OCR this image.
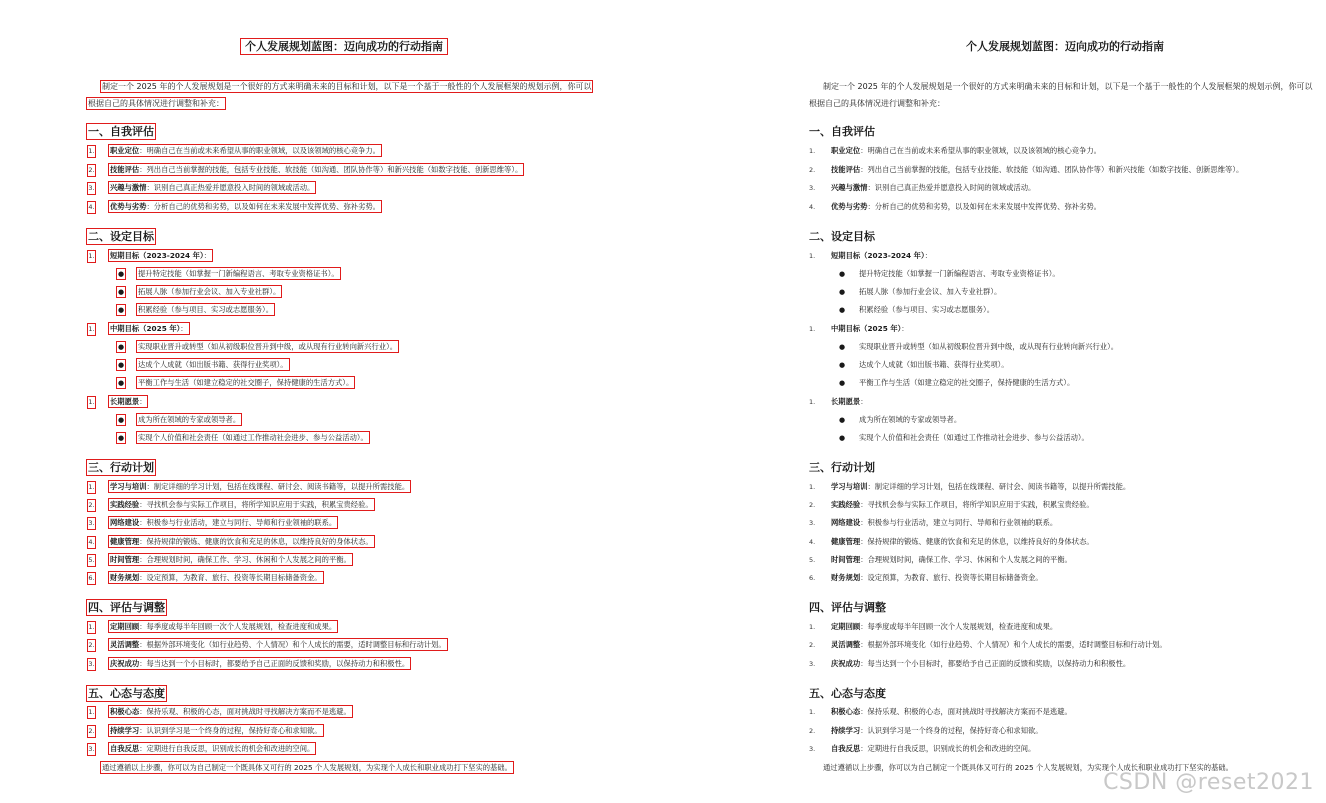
个人发展规划蓝图：迈向成功的行动指南
制定一个 2025 年的个人发展规划是一个很好的方式来明确未来的目标和计划，以下是一个基于一般性的个人发展框架的规划示例，你可以根据自己的具体情况进行调整和补充：
一、自我评估
1. 职业定位：明确自己在当前或未来希望从事的职业领域，以及该领域的核心竞争力。
2. 技能评估：列出自己当前掌握的技能，包括专业技能、软技能（如沟通、团队协作等）和新兴技能（如数字技能、创新思维等）。
3. 兴趣与激情：识别自己真正热爱并愿意投入时间的领域或活动。
4. 优势与劣势：分析自己的优势和劣势，以及如何在未来发展中发挥优势、弥补劣势。
二、设定目标
1. 短期目标（2023-2024 年）：
● 提升特定技能（如掌握一门新编程语言、考取专业资格证书）。
● 拓展人脉（参加行业会议、加入专业社群）。
● 积累经验（参与项目、实习或志愿服务）。
1. 中期目标（2025 年）：
● 实现职业晋升或转型（如从初级职位晋升到中级，或从现有行业转向新兴行业）。
● 达成个人成就（如出版书籍、获得行业奖项）。
● 平衡工作与生活（如建立稳定的社交圈子，保持健康的生活方式）。
1. 长期愿景：
● 成为所在领域的专家或领导者。
● 实现个人价值和社会责任（如通过工作推动社会进步、参与公益活动）。
三、行动计划
1. 学习与培训：制定详细的学习计划，包括在线课程、研讨会、阅读书籍等，以提升所需技能。
2. 实践经验：寻找机会参与实际工作项目，将所学知识应用于实践，积累宝贵经验。
3. 网络建设：积极参与行业活动，建立与同行、导师和行业领袖的联系。
4. 健康管理：保持规律的锻炼、健康的饮食和充足的休息，以维持良好的身体状态。
5. 时间管理：合理规划时间，确保工作、学习、休闲和个人发展之间的平衡。
6. 财务规划：设定预算，为教育、旅行、投资等长期目标储备资金。
四、评估与调整
1. 定期回顾：每季度或每半年回顾一次个人发展规划，检查进度和成果。
2. 灵活调整：根据外部环境变化（如行业趋势、个人情况）和个人成长的需要，适时调整目标和行动计划。
3. 庆祝成功：每当达到一个小目标时，都要给予自己正面的反馈和奖励，以保持动力和积极性。
五、心态与态度
1. 积极心态：保持乐观、积极的心态，面对挑战时寻找解决方案而不是逃避。
2. 持续学习：认识到学习是一个终身的过程，保持好奇心和求知欲。
3. 自我反思：定期进行自我反思，识别成长的机会和改进的空间。
通过遵循以上步骤，你可以为自己制定一个既具体又可行的 2025 个人发展规划，为实现个人成长和职业成功打下坚实的基础。
个人发展规划蓝图：迈向成功的行动指南
制定一个 2025 年的个人发展规划是一个很好的方式来明确未来的目标和计划，以下是一个基于一般性的个人发展框架的规划示例，你可以根据自己的具体情况进行调整和补充：
一、自我评估
1. 职业定位：明确自己在当前或未来希望从事的职业领域，以及该领域的核心竞争力。
2. 技能评估：列出自己当前掌握的技能，包括专业技能、软技能（如沟通、团队协作等）和新兴技能（如数字技能、创新思维等）。
3. 兴趣与激情：识别自己真正热爱并愿意投入时间的领域或活动。
4. 优势与劣势：分析自己的优势和劣势，以及如何在未来发展中发挥优势、弥补劣势。
二、设定目标
1. 短期目标（2023-2024 年）：
● 提升特定技能（如掌握一门新编程语言、考取专业资格证书）。
● 拓展人脉（参加行业会议、加入专业社群）。
● 积累经验（参与项目、实习或志愿服务）。
1. 中期目标（2025 年）：
● 实现职业晋升或转型（如从初级职位晋升到中级，或从现有行业转向新兴行业）。
● 达成个人成就（如出版书籍、获得行业奖项）。
● 平衡工作与生活（如建立稳定的社交圈子，保持健康的生活方式）。
1. 长期愿景：
● 成为所在领域的专家或领导者。
● 实现个人价值和社会责任（如通过工作推动社会进步、参与公益活动）。
三、行动计划
1. 学习与培训：制定详细的学习计划，包括在线课程、研讨会、阅读书籍等，以提升所需技能。
2. 实践经验：寻找机会参与实际工作项目，将所学知识应用于实践，积累宝贵经验。
3. 网络建设：积极参与行业活动，建立与同行、导师和行业领袖的联系。
4. 健康管理：保持规律的锻炼、健康的饮食和充足的休息，以维持良好的身体状态。
5. 时间管理：合理规划时间，确保工作、学习、休闲和个人发展之间的平衡。
6. 财务规划：设定预算，为教育、旅行、投资等长期目标储备资金。
四、评估与调整
1. 定期回顾：每季度或每半年回顾一次个人发展规划，检查进度和成果。
2. 灵活调整：根据外部环境变化（如行业趋势、个人情况）和个人成长的需要，适时调整目标和行动计划。
3. 庆祝成功：每当达到一个小目标时，都要给予自己正面的反馈和奖励，以保持动力和积极性。
五、心态与态度
1. 积极心态：保持乐观、积极的心态，面对挑战时寻找解决方案而不是逃避。
2. 持续学习：认识到学习是一个终身的过程，保持好奇心和求知欲。
3. 自我反思：定期进行自我反思，识别成长的机会和改进的空间。
通过遵循以上步骤，你可以为自己制定一个既具体又可行的 2025 个人发展规划，为实现个人成长和职业成功打下坚实的基础。
CSDN @reset2021
